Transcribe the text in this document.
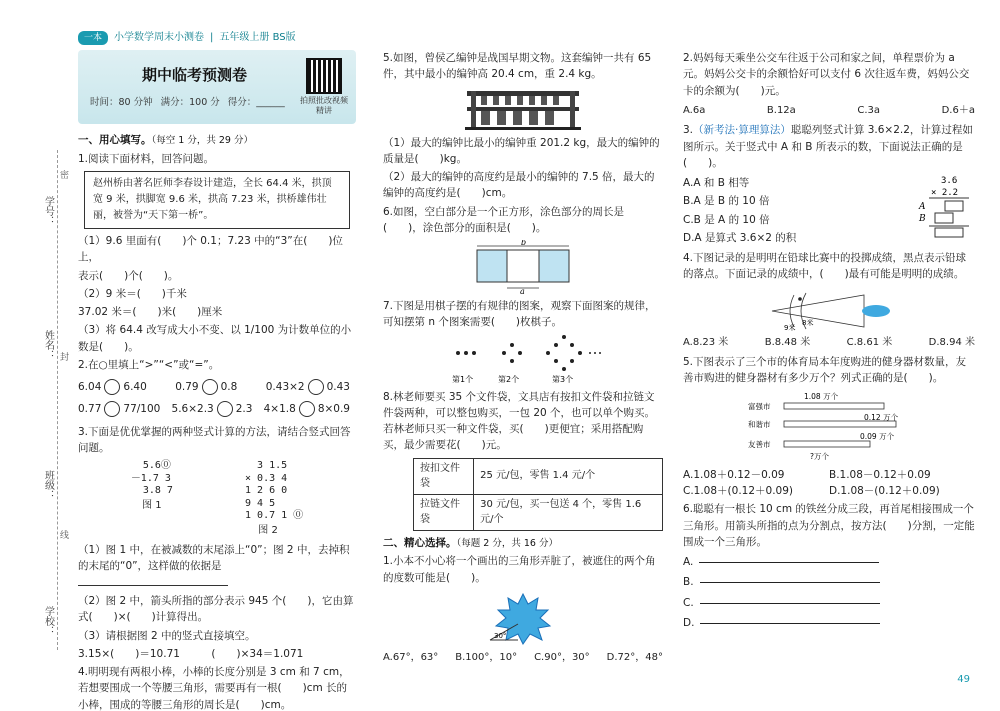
学号：
姓名：
班级：
学校：
密
封
线
一本	小学数学周末小测卷 | 五年级上册 BS版
期中临考预测卷
时间：80 分钟 满分：100 分 得分：______ 拍照批改视频精讲
一、用心填写。（每空 1 分，共 29 分）

1.阅读下面材料，回答问题。

赵州桥由著名匠师李春设计建造，全长 64.4 米，拱顶宽 9 米，拱脚宽 9.6 米，拱高 7.23 米，拱桥雄伟壮丽，被誉为“天下第一桥”。

（1）9.6 里面有(　　)个 0.1；7.23 中的“3”在(　　)位上，

表示(　　)个(　　)。

（2）9 米＝(　　)千米

37.02 米＝(　　)米(　　)厘米

（3）将 64.4 改写成大小不变、以 1/100 为计数单位的小数是(　　)。

2.在○里填上“>”“<”或“=”。

6.04 6.40	0.79 0.8	0.43×2 0.43
0.77 77/100 5.6×2.3 2.3 4×1.8 8×0.9

3.下面是优优掌握的两种竖式计算的方法，请结合竖式回答问题。

5.6⓪
－1.7 3
3.8 7
图 1
3 1.5
× 0.3 4
1 2 6 0
9 4 5
1 0.7 1 ⓪
图 2

（1）图 1 中，在被减数的末尾添上“0”；图 2 中，去掉积的末尾的“0”，这样做的依据是

（2）图 2 中，箭头所指的部分表示 945 个(　　)，它由算式(　　)×(　　)计算得出。

（3）请根据图 2 中的竖式直接填空。

3.15×(　　)＝10.71　　　(　　)×34＝1.071

4.明明现有两根小棒，小棒的长度分别是 3 cm 和 7 cm，若想要围成一个等腰三角形，需要再有一根(　　)cm 长的小棒，围成的等腰三角形的周长是(　　)cm。

5.如图，曾侯乙编钟是战国早期文物。这套编钟一共有 65 件，其中最小的编钟高 20.4 cm，重 2.4 kg。

（1）最大的编钟比最小的编钟重 201.2 kg，最大的编钟的质量是(　　)kg。

（2）最大的编钟的高度约是最小的编钟的 7.5 倍，最大的编钟的高度约是(　　)cm。

6.如图，空白部分是一个正方形，涂色部分的周长是(　　)，涂色部分的面积是(　　)。

b
a

7.下图是用棋子摆的有规律的图案，观察下面图案的规律，可知摆第 n 个图案需要(　　)枚棋子。

第1个	第2个	第3个

8.林老师要买 35 个文件袋，文具店有按扣文件袋和拉链文件袋两种，可以整包购买，一包 20 个，也可以单个购买。若林老师只买一种文件袋，买(　　)更便宜；采用搭配购买，最少需要花(　　)元。

按扣文件袋	25 元/包，零售 1.4 元/个
拉链文件袋	30 元/包，买一包送 4 个，零售 1.6 元/个
二、精心选择。（每题 2 分，共 16 分）

1.小本不小心将一个画出的三角形弄脏了，被遮住的两个角的度数可能是(　　)。

30°
A.67°，63° B.100°，10° C.90°，30° D.72°，48°

2.妈妈每天乘坐公交车往返于公司和家之间，单程票价为 a 元。妈妈公交卡的余额恰好可以支付 6 次往返车费，妈妈公交卡的余额为(　　)元。

A.6a	B.12a	C.3a	D.6＋a

3.（新考法·算理算法）聪聪列竖式计算 3.6×2.2，计算过程如图所示。关于竖式中 A 和 B 所表示的数，下面说法正确的是(　　)。

A.A 和 B 相等

B.A 是 B 的 10 倍

C.B 是 A 的 10 倍

D.A 是算式 3.6×2 的积

3.6
× 2.2
A
B

4.下图记录的是明明在铅球比赛中的投掷成绩，黑点表示铅球的落点。下面记录的成绩中，(　　)最有可能是明明的成绩。

9米
8米
A.8.23 米	B.8.48 米	C.8.61 米	D.8.94 米

5.下图表示了三个市的体育局本年度购进的健身器材数量，友善市购进的健身器材有多少万个？列式正确的是(　　)。

1.08 万个
富强市
和谐市
0.12 万个
友善市
0.09 万个
?万个
A.1.08＋0.12－0.09	B.1.08－0.12＋0.09
C.1.08＋(0.12＋0.09)	D.1.08－(0.12＋0.09)

6.聪聪有一根长 10 cm 的铁丝分成三段，再首尾相接围成一个三角形。用箭头所指的点为分割点，按方法(　　)分割，一定能围成一个三角形。

A.
B.
C.
D.
49
